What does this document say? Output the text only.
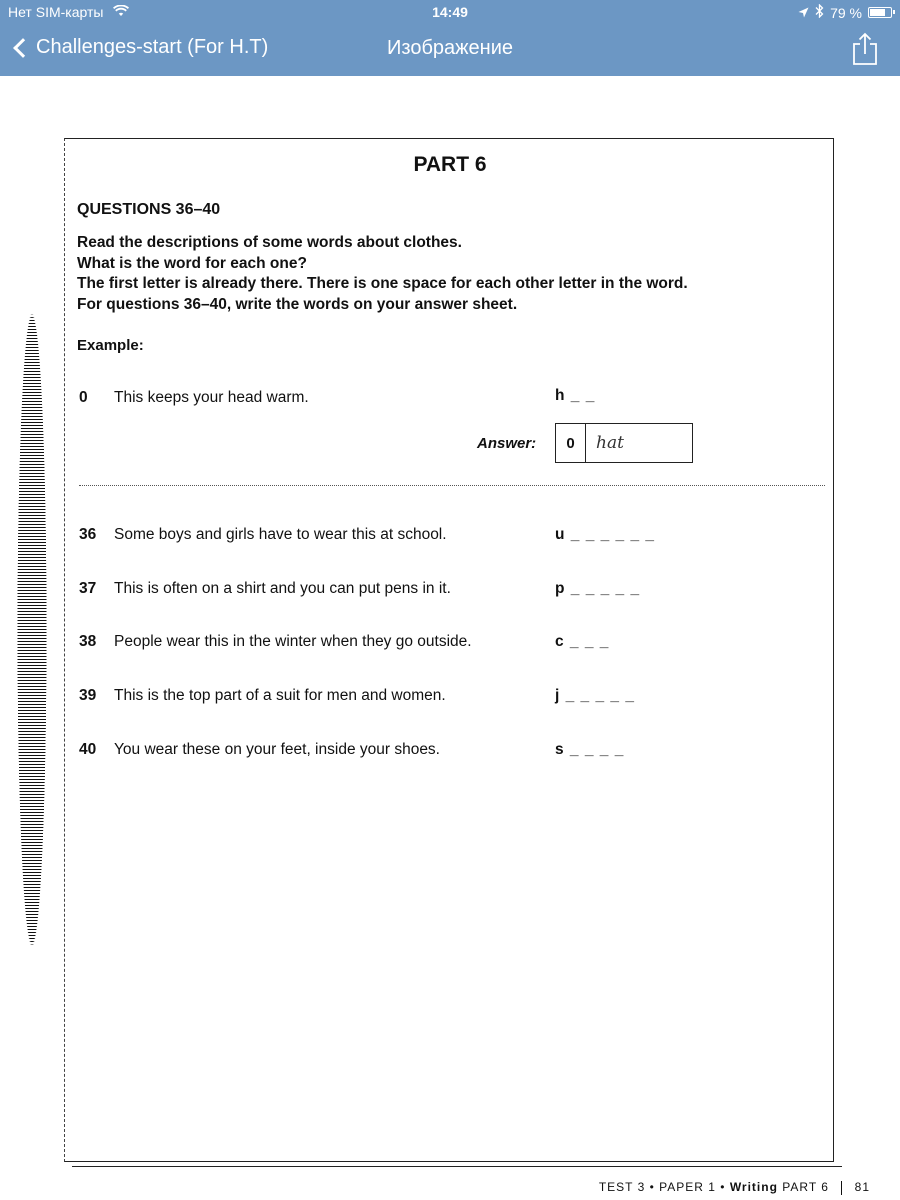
Нет SIM-карты	14:49	79 %
Challenges-start (For H.T)	Изображение
PART 6
QUESTIONS 36–40
Read the descriptions of some words about clothes.
What is the word for each one?
The first letter is already there. There is one space for each other letter in the word.
For questions 36–40, write the words on your answer sheet.
Example:
0	This keeps your head warm.	h _ _
Answer:	0	hat
36	Some boys and girls have to wear this at school.	u _ _ _ _ _ _
37	This is often on a shirt and you can put pens in it.	p _ _ _ _ _
38	People wear this in the winter when they go outside.	c _ _ _
39	This is the top part of a suit for men and women.	j _ _ _ _ _
40	You wear these on your feet, inside your shoes.	s _ _ _ _
TEST 3 • PAPER 1 • Writing PART 6 81
